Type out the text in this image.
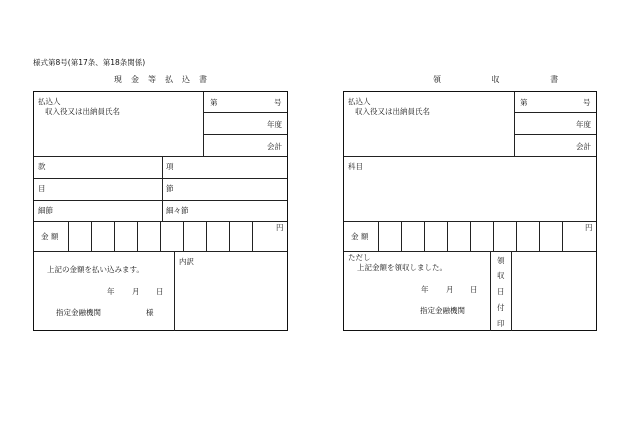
様式第8号(第17条、第18条関係)
現金等払込書
払込人
収入役又は出納員氏名
第	号
年度
会計
款	項
目	節
細節	細々節
金 額
円
上記の金額を払い込みます。
年 月 日
指定金融機関	様
内訳
領 収 書
払込人
収入役又は出納員氏名
第	号
年度
会計
科目
金 額
円
ただし
上記金額を領収しました。
年 月 日
指定金融機関
領
収
日
付
印
